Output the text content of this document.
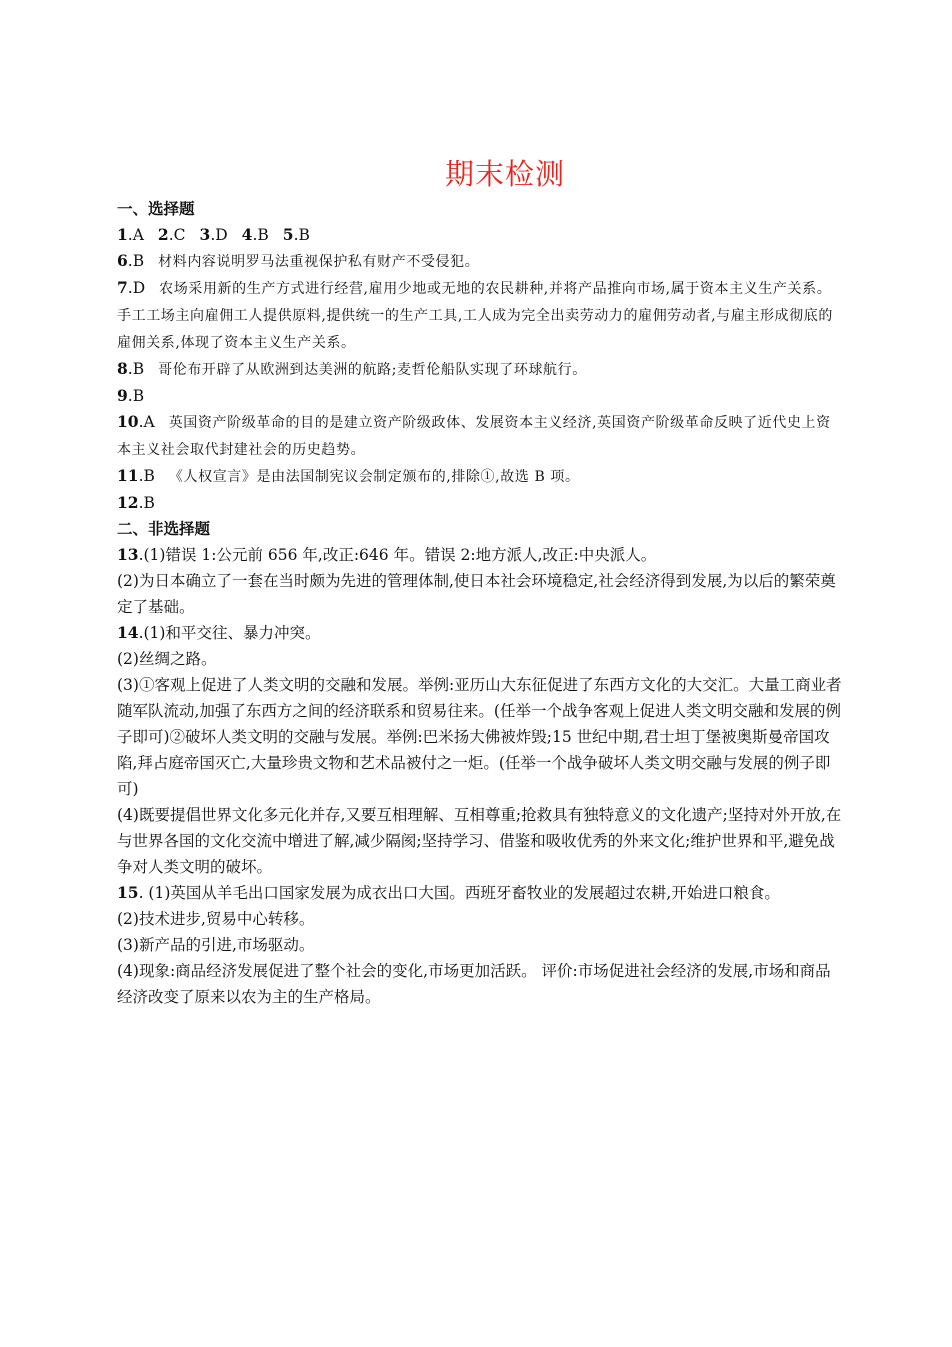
期末检测

一、选择题

1.A 2.C 3.D 4.B 5.B

6.B 材料内容说明罗马法重视保护私有财产不受侵犯。

7.D 农场采用新的生产方式进行经营,雇用少地或无地的农民耕种,并将产品推向市场,属于资本主义生产关系。手工工场主向雇佣工人提供原料,提供统一的生产工具,工人成为完全出卖劳动力的雇佣劳动者,与雇主形成彻底的雇佣关系,体现了资本主义生产关系。

8.B 哥伦布开辟了从欧洲到达美洲的航路;麦哲伦船队实现了环球航行。

9.B

10.A 英国资产阶级革命的目的是建立资产阶级政体、发展资本主义经济,英国资产阶级革命反映了近代史上资本主义社会取代封建社会的历史趋势。

11.B 《人权宣言》是由法国制宪议会制定颁布的,排除①,故选 B 项。

12.B

二、非选择题

13.(1)错误 1:公元前 656 年,改正:646 年。错误 2:地方派人,改正:中央派人。

(2)为日本确立了一套在当时颇为先进的管理体制,使日本社会环境稳定,社会经济得到发展,为以后的繁荣奠定了基础。

14.(1)和平交往、暴力冲突。

(2)丝绸之路。

(3)①客观上促进了人类文明的交融和发展。举例:亚历山大东征促进了东西方文化的大交汇。大量工商业者随军队流动,加强了东西方之间的经济联系和贸易往来。(任举一个战争客观上促进人类文明交融和发展的例子即可)②破坏人类文明的交融与发展。举例:巴米扬大佛被炸毁;15 世纪中期,君士坦丁堡被奥斯曼帝国攻陷,拜占庭帝国灭亡,大量珍贵文物和艺术品被付之一炬。(任举一个战争破坏人类文明交融与发展的例子即可)

(4)既要提倡世界文化多元化并存,又要互相理解、互相尊重;抢救具有独特意义的文化遗产;坚持对外开放,在与世界各国的文化交流中增进了解,减少隔阂;坚持学习、借鉴和吸收优秀的外来文化;维护世界和平,避免战争对人类文明的破坏。

15. (1)英国从羊毛出口国家发展为成衣出口大国。西班牙畜牧业的发展超过农耕,开始进口粮食。

(2)技术进步,贸易中心转移。

(3)新产品的引进,市场驱动。

(4)现象:商品经济发展促进了整个社会的变化,市场更加活跃。 评价:市场促进社会经济的发展,市场和商品经济改变了原来以农为主的生产格局。
